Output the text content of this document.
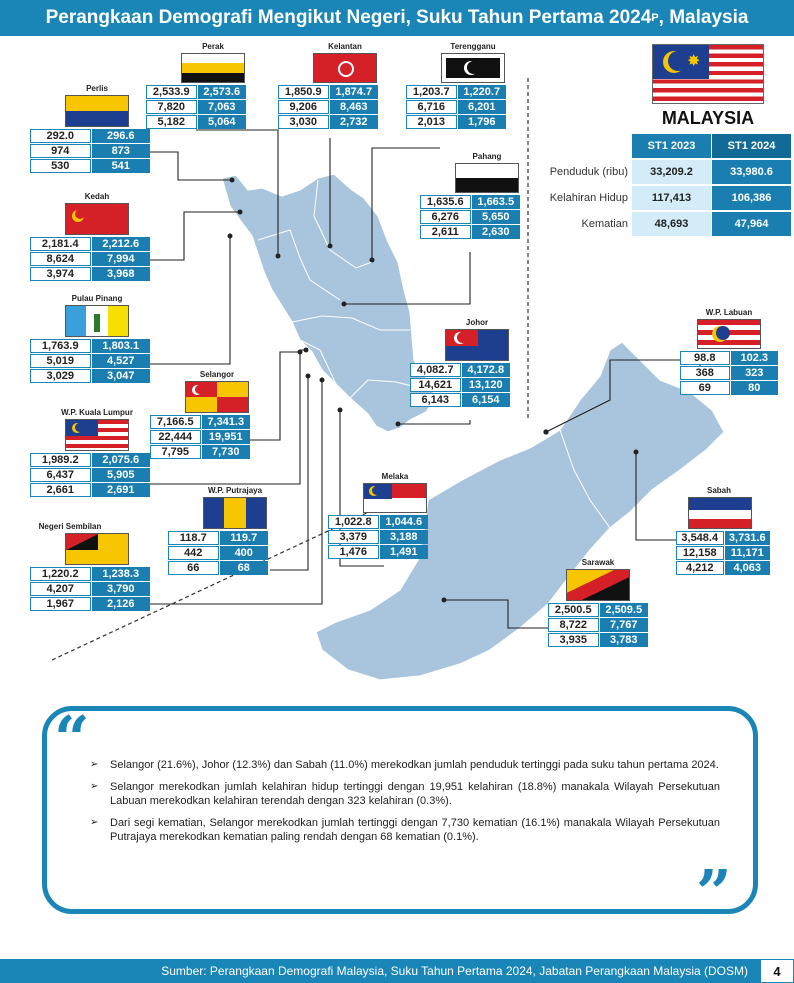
Perangkaan Demografi Mengikut Negeri, Suku Tahun Pertama 2024 P , Malaysia
Perlis
292.0	296.6
974	873
530	541
Kedah
2,181.4	2,212.6
8,624	7,994
3,974	3,968
Pulau Pinang
1,763.9	1,803.1
5,019	4,527
3,029	3,047
W.P. Kuala Lumpur
1,989.2	2,075.6
6,437	5,905
2,661	2,691
Negeri Sembilan
1,220.2	1,238.3
4,207	3,790
1,967	2,126
Perak
2,533.9	2,573.6
7,820	7,063
5,182	5,064
Kelantan
1,850.9	1,874.7
9,206	8,463
3,030	2,732
Terengganu
1,203.7	1,220.7
6,716	6,201
2,013	1,796
Pahang
1,635.6	1,663.5
6,276	5,650
2,611	2,630
Selangor
7,166.5	7,341.3
22,444	19,951
7,795	7,730
W.P. Putrajaya
118.7	119.7
442	400
66	68
Johor
4,082.7	4,172.8
14,621	13,120
6,143	6,154
Melaka
1,022.8	1,044.6
3,379	3,188
1,476	1,491
W.P. Labuan
98.8	102.3
368	323
69	80
Sabah
3,548.4 3,731.6
12,158	11,171
4,212	4,063
Sarawak
2,500.5	2,509.5
8,722	7,767
3,935	3,783
✸
MALAYSIA
ST1 2023	ST1 2024
Penduduk (ribu)	33,209.2	33,980.6
Kelahiran Hidup	117,413	106,386
Kematian	48,693	47,964
“
”
➢ Selangor (21.6%), Johor (12.3%) dan Sabah (11.0%) merekodkan jumlah penduduk tertinggi pada suku tahun pertama 2024.
➢ Selangor merekodkan jumlah kelahiran hidup tertinggi dengan 19,951 kelahiran (18.8%) manakala Wilayah Persekutuan Labuan merekodkan kelahiran terendah dengan 323 kelahiran (0.3%).
➢ Dari segi kematian, Selangor merekodkan jumlah tertinggi dengan 7,730 kematian (16.1%) manakala Wilayah Persekutuan Putrajaya merekodkan kematian paling rendah dengan 68 kematian (0.1%).
Sumber: Perangkaan Demografi Malaysia, Suku Tahun Pertama 2024, Jabatan Perangkaan Malaysia (DOSM)	4
